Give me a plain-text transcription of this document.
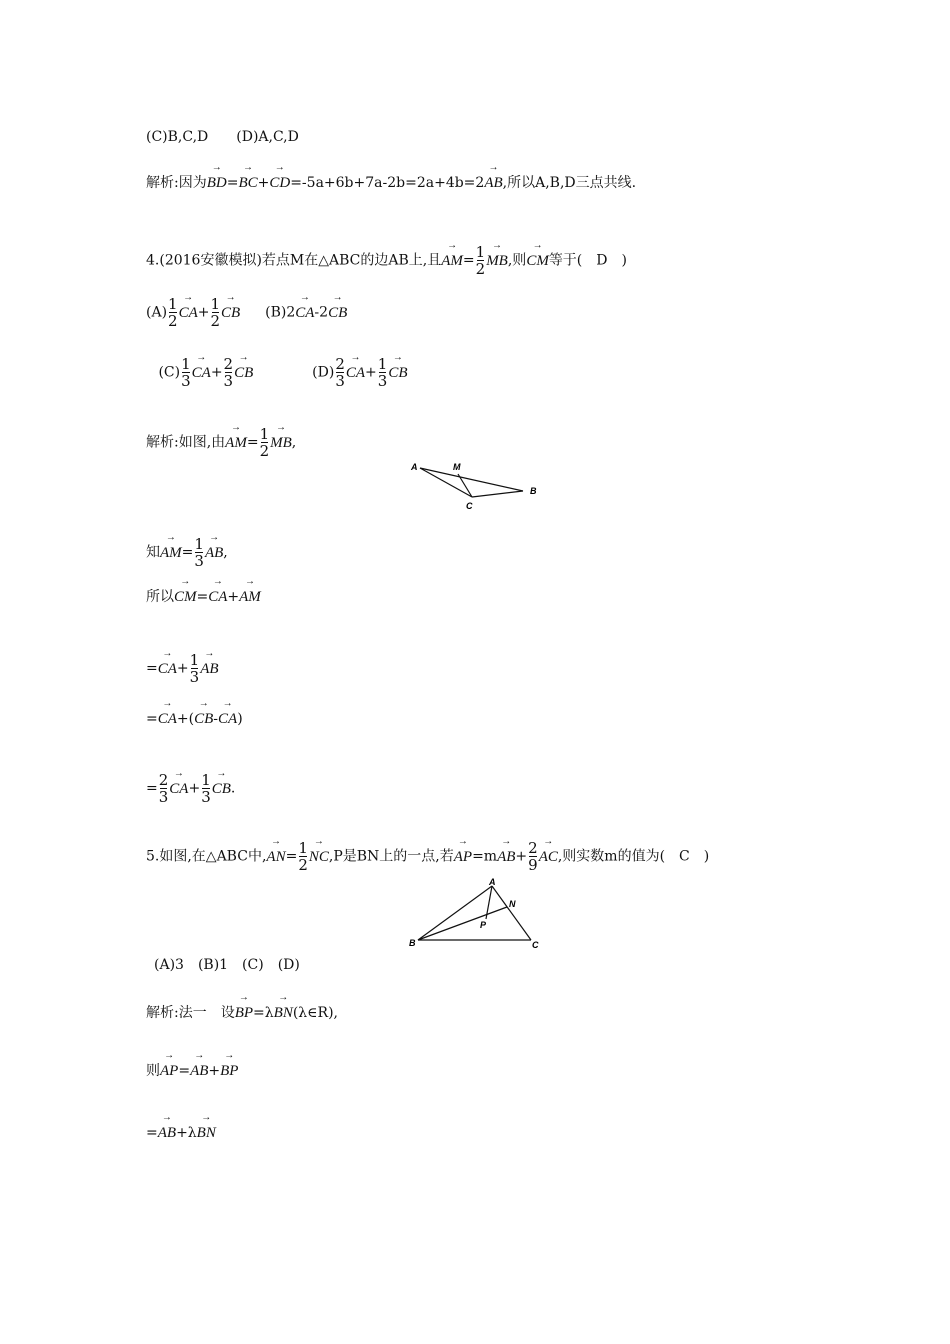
(C)B,C,D　　(D)A,C,D
解析:因为→ BD=→ BC+→ CD=-5a+6b+7a-2b=2a+4b=2→ AB,所以A,B,D三点共线.
4.(2016安徽模拟)若点M在△ABC的边AB上,且→ $AM= \frac{1}{2}$
→ MB,则→ CM等于(　D　)
$(A) \frac{1}{2}$
→ $CA+ \frac{1}{2}$
→ CB (B)2→ CA-2→ CB
$(C) \frac{1}{3}$
→ $CA+ \frac{2}{3}$
→ CB	$(D) \frac{2}{3}$
→ $CA+ \frac{1}{3}$
→ CB
解析:如图,由→ $AM= \frac{1}{2}$
→ MB,
A	M
B
C
知→ $AM= \frac{1}{3}$
→ AB,
所以→ CM=→ CA+→ AM
=→ $CA+ \frac{1}{3}$
→ AB
=→ CA+(→ CB-→ CA)
= $\frac{2}{3}$
→ $CA+ \frac{1}{3}$
→ CB.
5.如图,在△ABC中,→ $AN= \frac{1}{2}$
→ NC,P是BN上的一点,若→ $AP=m\to AB+ \frac{2}{9}$
→ AC,则实数m的值为(　C　)
A
N
P
B	C
(A)3　(B)1　(C)　(D)
解析:法一　设→ BP=λ→ BN(λ∈R),
则→ AP=→ AB+→ BP
=→ AB+λ→ BN
